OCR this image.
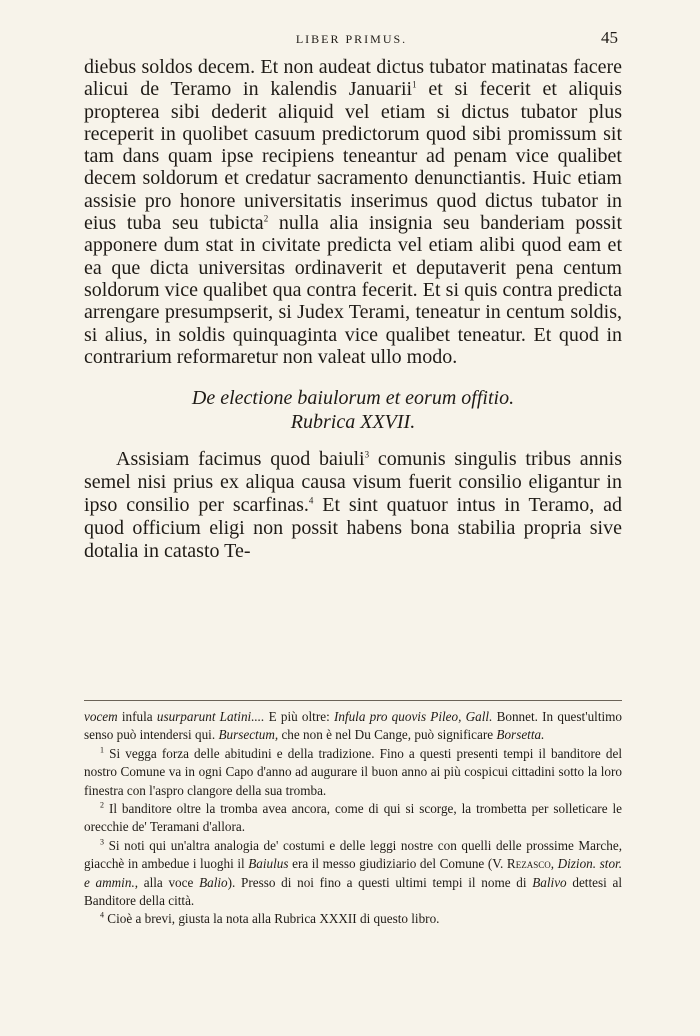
LIBER PRIMUS.	45

diebus soldos decem. Et non audeat dictus tubator matinatas facere alicui de Teramo in kalendis Januarii$^1$ et si fecerit et aliquis propterea sibi dederit aliquid vel etiam si dictus tubator plus receperit in quolibet casuum predictorum quod sibi promissum sit tam dans quam ipse recipiens teneantur ad penam vice qualibet decem soldorum et credatur sacramento denunctiantis. Huic etiam assisie pro honore universitatis inserimus quod dictus tubator in eius tuba seu tubicta$^2$ nulla alia insignia seu banderiam possit apponere dum stat in civitate predicta vel etiam alibi quod eam et ea que dicta universitas ordinaverit et deputaverit pena centum soldorum vice qualibet qua contra fecerit. Et si quis contra predicta arrengare presumpserit, si Judex Terami, teneatur in centum soldis, si alius, in soldis quinquaginta vice qualibet teneatur. Et quod in contrarium reformaretur non valeat ullo modo.

De electione baiulorum et eorum offitio.
Rubrica XXVII.

Assisiam facimus quod baiuli$^3$ comunis singulis tribus annis semel nisi prius ex aliqua causa visum fuerit consilio eligantur in ipso consilio per scarfinas.$^4$ Et sint quatuor intus in Teramo, ad quod officium eligi non possit habens bona stabilia propria sive dotalia in catasto Te-

vocem infula usurparunt Latini.... E più oltre: Infula pro quovis Pileo, Gall. Bonnet. In quest'ultimo senso può intendersi qui. Bursectum, che non è nel Du Cange, può significare Borsetta.

$^1$ Si vegga forza delle abitudini e della tradizione. Fino a questi presenti tempi il banditore del nostro Comune va in ogni Capo d'anno ad augurare il buon anno ai più cospicui cittadini sotto la loro finestra con l'aspro clangore della sua tromba.

$^2$ Il banditore oltre la tromba avea ancora, come di qui si scorge, la trombetta per solleticare le orecchie de' Teramani d'allora.

$^3$ Si noti qui un'altra analogia de' costumi e delle leggi nostre con quelli delle prossime Marche, giacchè in ambedue i luoghi il Baiulus era il messo giudiziario del Comune (V. Rezasco, Dizion. stor. e ammin., alla voce Balio). Presso di noi fino a questi ultimi tempi il nome di Balivo dettesi al Banditore della città.

$^4$ Cioè a brevi, giusta la nota alla Rubrica XXXII di questo libro.
